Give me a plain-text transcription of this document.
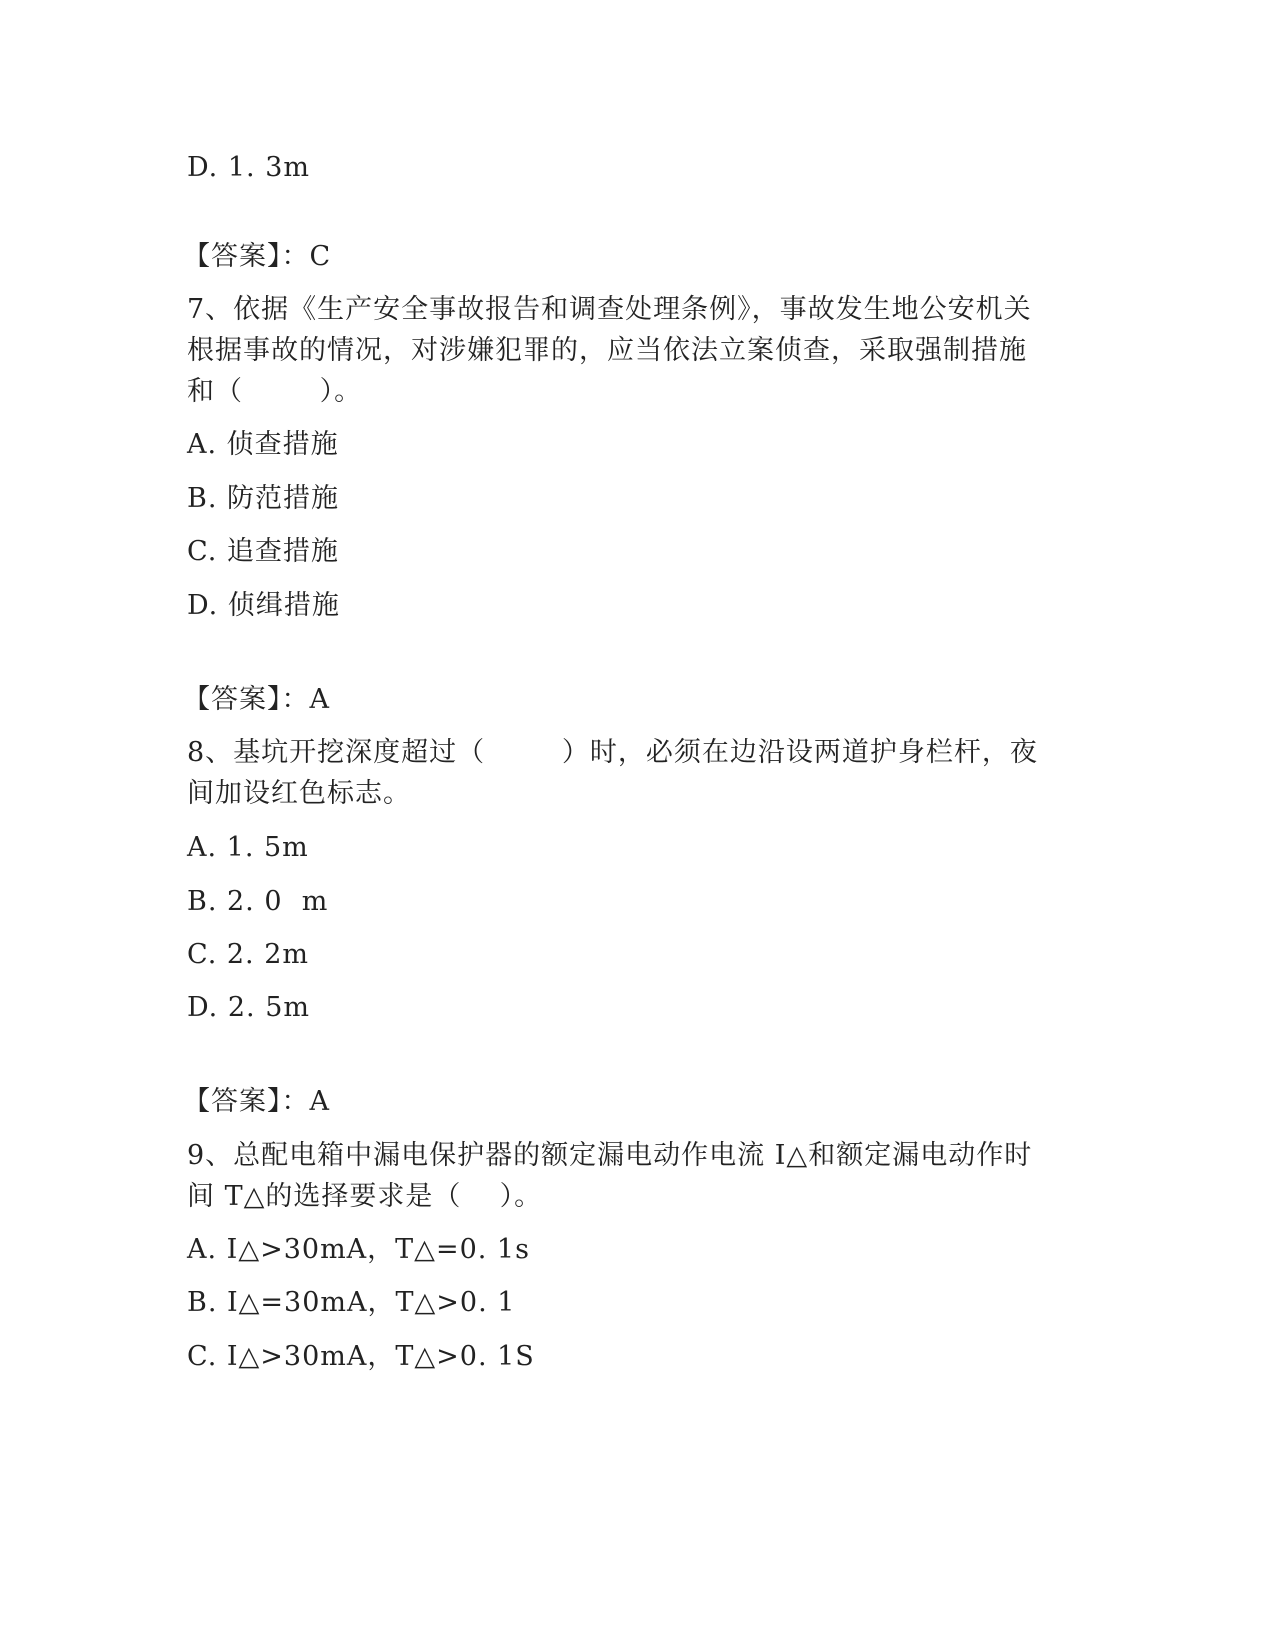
D. 1. 3m
【答案】：C
7、依据《生产安全事故报告和调查处理条例》，事故发生地公安机关
根据事故的情况，对涉嫌犯罪的，应当依法立案侦查，采取强制措施
和（        ）。
A. 侦查措施
B. 防范措施
C. 追查措施
D. 侦缉措施
【答案】：A
8、基坑开挖深度超过（        ）时，必须在边沿设两道护身栏杆，夜
间加设红色标志。
A. 1. 5m
B. 2. 0  m
C. 2. 2m
D. 2. 5m
【答案】：A
9、总配电箱中漏电保护器的额定漏电动作电流 I△和额定漏电动作时
间 T△的选择要求是（    ）。
A. I△>30mA，T△=0. 1s
B. I△=30mA，T△>0. 1
C. I△>30mA，T△>0. 1S
